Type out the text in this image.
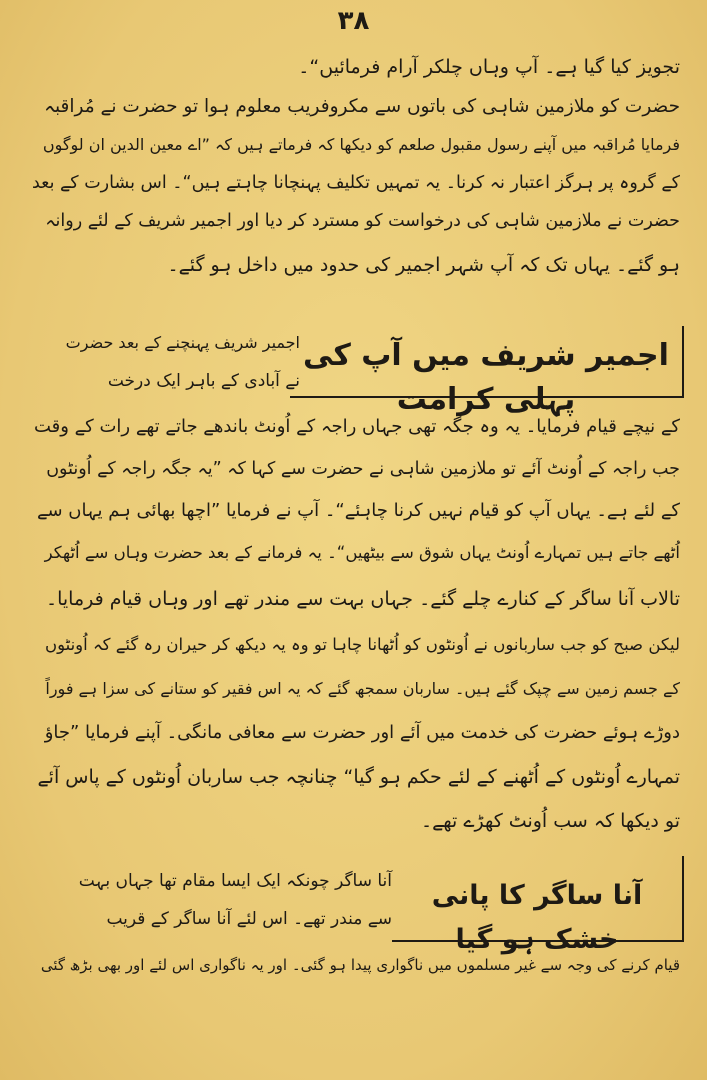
۳۸
تجویز کیا گیا ہے۔ آپ وہاں چلکر آرام فرمائیں“۔
حضرت کو ملازمین شاہی کی باتوں سے مکروفریب معلوم ہوا تو حضرت نے مُراقبہ
فرمایا مُراقبہ میں آپنے رسول مقبول صلعم کو دیکھا کہ فرماتے ہیں کہ ”اے معین الدین ان لوگوں
کے گروہ پر ہرگز اعتبار نہ کرنا۔ یہ تمہیں تکلیف پہنچانا چاہتے ہیں“۔ اس بشارت کے بعد
حضرت نے ملازمین شاہی کی درخواست کو مسترد کر دیا اور اجمیر شریف کے لئے روانہ
ہو گئے۔ یہاں تک کہ آپ شہر اجمیر کی حدود میں داخل ہو گئے۔
اجمیر شریف پہنچنے کے بعد حضرت
نے آبادی کے باہر ایک درخت
اجمیر شریف میں آپ کی پہلی کرامت
کے نیچے قیام فرمایا۔ یہ وہ جگہ تھی جہاں راجہ کے اُونٹ باندھے جاتے تھے رات کے وقت
جب راجہ کے اُونٹ آئے تو ملازمین شاہی نے حضرت سے کہا کہ ”یہ جگہ راجہ کے اُونٹوں
کے لئے ہے۔ یہاں آپ کو قیام نہیں کرنا چاہئے“۔ آپ نے فرمایا ”اچھا بھائی ہم یہاں سے
اُٹھے جاتے ہیں تمہارے اُونٹ یہاں شوق سے بیٹھیں“۔ یہ فرمانے کے بعد حضرت وہاں سے اُٹھکر
تالاب آنا ساگر کے کنارے چلے گئے۔ جہاں بہت سے مندر تھے اور وہاں قیام فرمایا۔
لیکن صبح کو جب ساربانوں نے اُونٹوں کو اُٹھانا چاہا تو وہ یہ دیکھ کر حیران رہ گئے کہ اُونٹوں
کے جسم زمین سے چپک گئے ہیں۔ ساربان سمجھ گئے کہ یہ اس فقیر کو ستانے کی سزا ہے فوراً
دوڑے ہوئے حضرت کی خدمت میں آئے اور حضرت سے معافی مانگی۔ آپنے فرمایا ”جاؤ
تمہارے اُونٹوں کے اُٹھنے کے لئے حکم ہو گیا“ چنانچہ جب ساربان اُونٹوں کے پاس آئے
تو دیکھا کہ سب اُونٹ کھڑے تھے۔
آنا ساگر چونکہ ایک ایسا مقام تھا جہاں بہت
سے مندر تھے۔ اس لئے آنا ساگر کے قریب
آنا ساگر کا پانی خشک ہو گیا
قیام کرنے کی وجہ سے غیر مسلموں میں ناگواری پیدا ہو گئی۔ اور یہ ناگواری اس لئے اور بھی بڑھ گئی
